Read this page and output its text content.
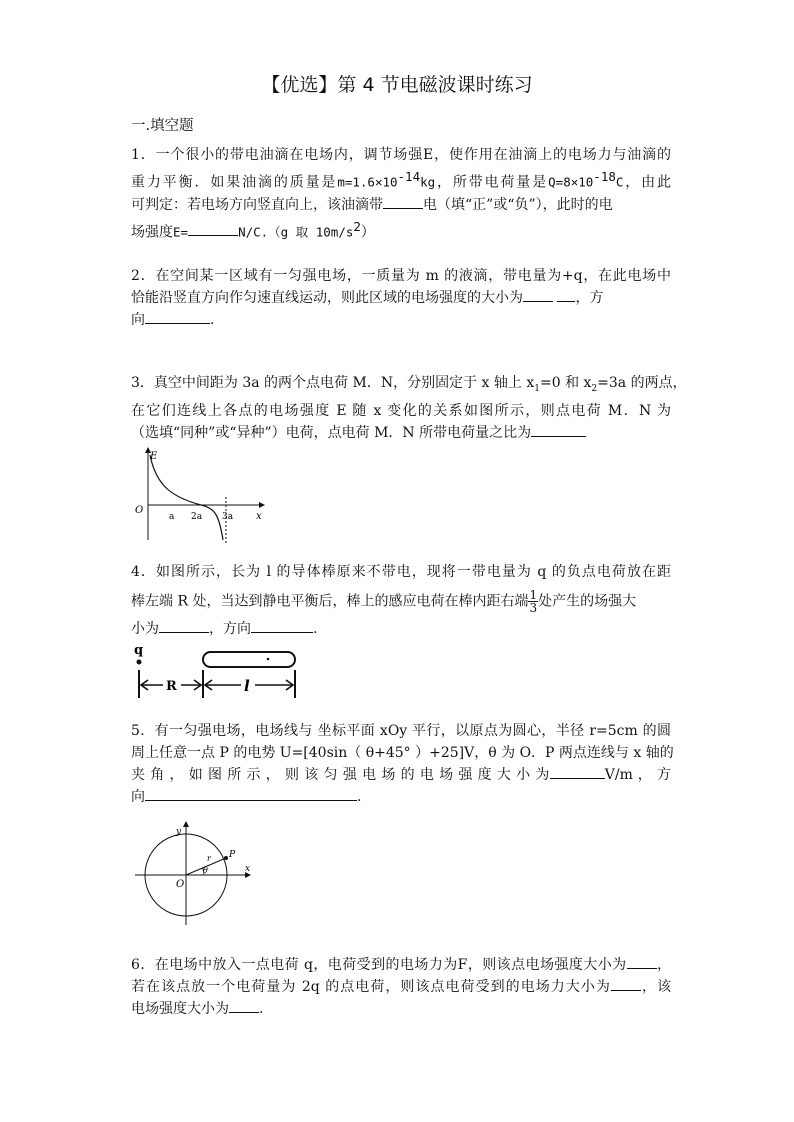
【优选】第 4 节电磁波课时练习
一.填空题

1．一个很小的带电油滴在电场内，调节场强E，使作用在油滴上的电场力与油滴的

重力平衡．如果油滴的质量是$m=1.6\times 10^{-14}kg$，所带电荷量是$Q=8\times 10^{-18}C$，由此

可判定：若电场方向竖直向上，该油滴带	电（填“正”或“负”），此时的电

场强度E=	N/C.（g 取 $10m/s^2$）

2．在空间某一区域有一匀强电场，一质量为 m 的液滴，带电量为+q，在此电场中

恰能沿竖直方向作匀速直线运动，则此区域的电场强度的大小为	，方

向	.

3．真空中间距为 3a 的两个点电荷 M．N，分别固定于 x 轴上 $x_1=0$ 和 $x_2=3a$ 的两点，

在它们连线上各点的电场强度 E 随 x 变化的关系如图所示，则点电荷 M．N 为

（选填“同种”或“异种”）电荷，点电荷 M．N 所带电荷量之比为

E
O
a 2a 3a x

4．如图所示，长为 l 的导体棒原来不带电，现将一带电量为 q 的负点电荷放在距

棒左端 R 处，当达到静电平衡后，棒上的感应电荷在棒内距右端 $\frac{1}{3}$ 处产生的场强大

小为	，方向	.

q
R	l

5．有一匀强电场，电场线与 坐标平面 xOy 平行，以原点为圆心，半径 r=5cm 的圆

周上任意一点 P 的电势 U=[40sin（ θ+45° ）+25]V，θ 为 O．P 两点连线与 x 轴的

夹 角 ， 如 图 所 示 ， 则 该 匀 强 电 场 的 电 场 强 度 大 小 为	V/m ， 方

向	.

y
x
O
P
r
θ

6．在电场中放入一点电荷 q，电荷受到的电场力为F，则该点电场强度大小为 ，

若在该点放一个电荷量为 2q 的点电荷，则该点电荷受到的电场力大小为 ，该

电场强度大小为 .
